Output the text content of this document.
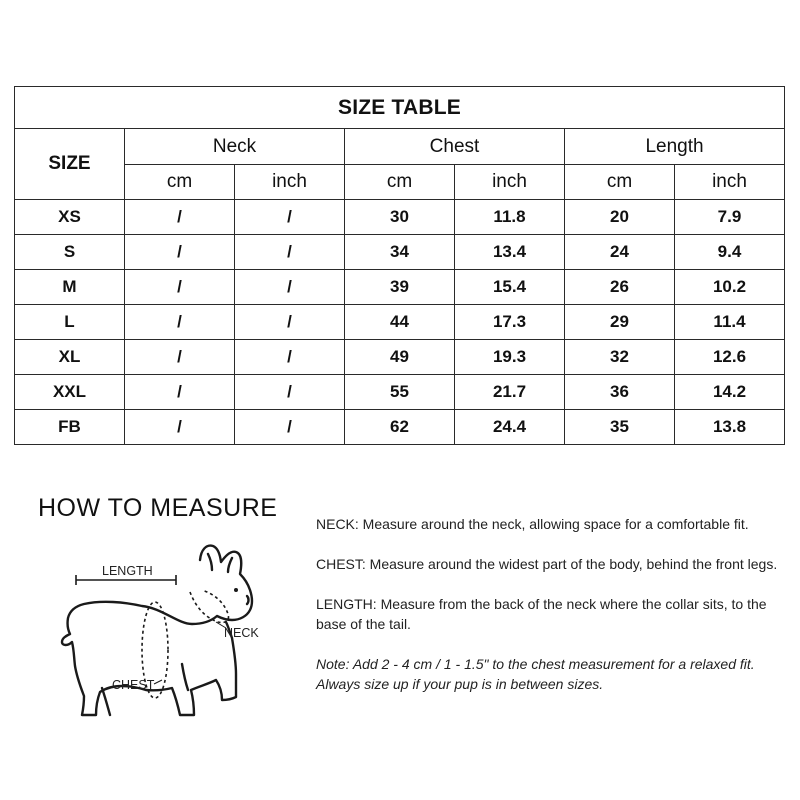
SIZE TABLE						
SIZE	Neck		Chest		Length	
	cm	inch	cm	inch	cm	inch
XS	/	/	30	11.8	20	7.9
S	/	/	34	13.4	24	9.4
M	/	/	39	15.4	26	10.2
L	/	/	44	17.3	29	11.4
XL	/	/	49	19.3	32	12.6
XXL	/	/	55	21.7	36	14.2
FB	/	/	62	24.4	35	13.8
HOW TO MEASURE
LENGTH
NECK
CHEST

NECK: Measure around the neck, allowing space for a comfortable fit.

CHEST: Measure around the widest part of the body, behind the front legs.

LENGTH: Measure from the back of the neck where the collar sits, to the base of the tail.

Note: Add 2 - 4 cm / 1 - 1.5" to the chest measurement for a relaxed fit. Always size up if your pup is in between sizes.
